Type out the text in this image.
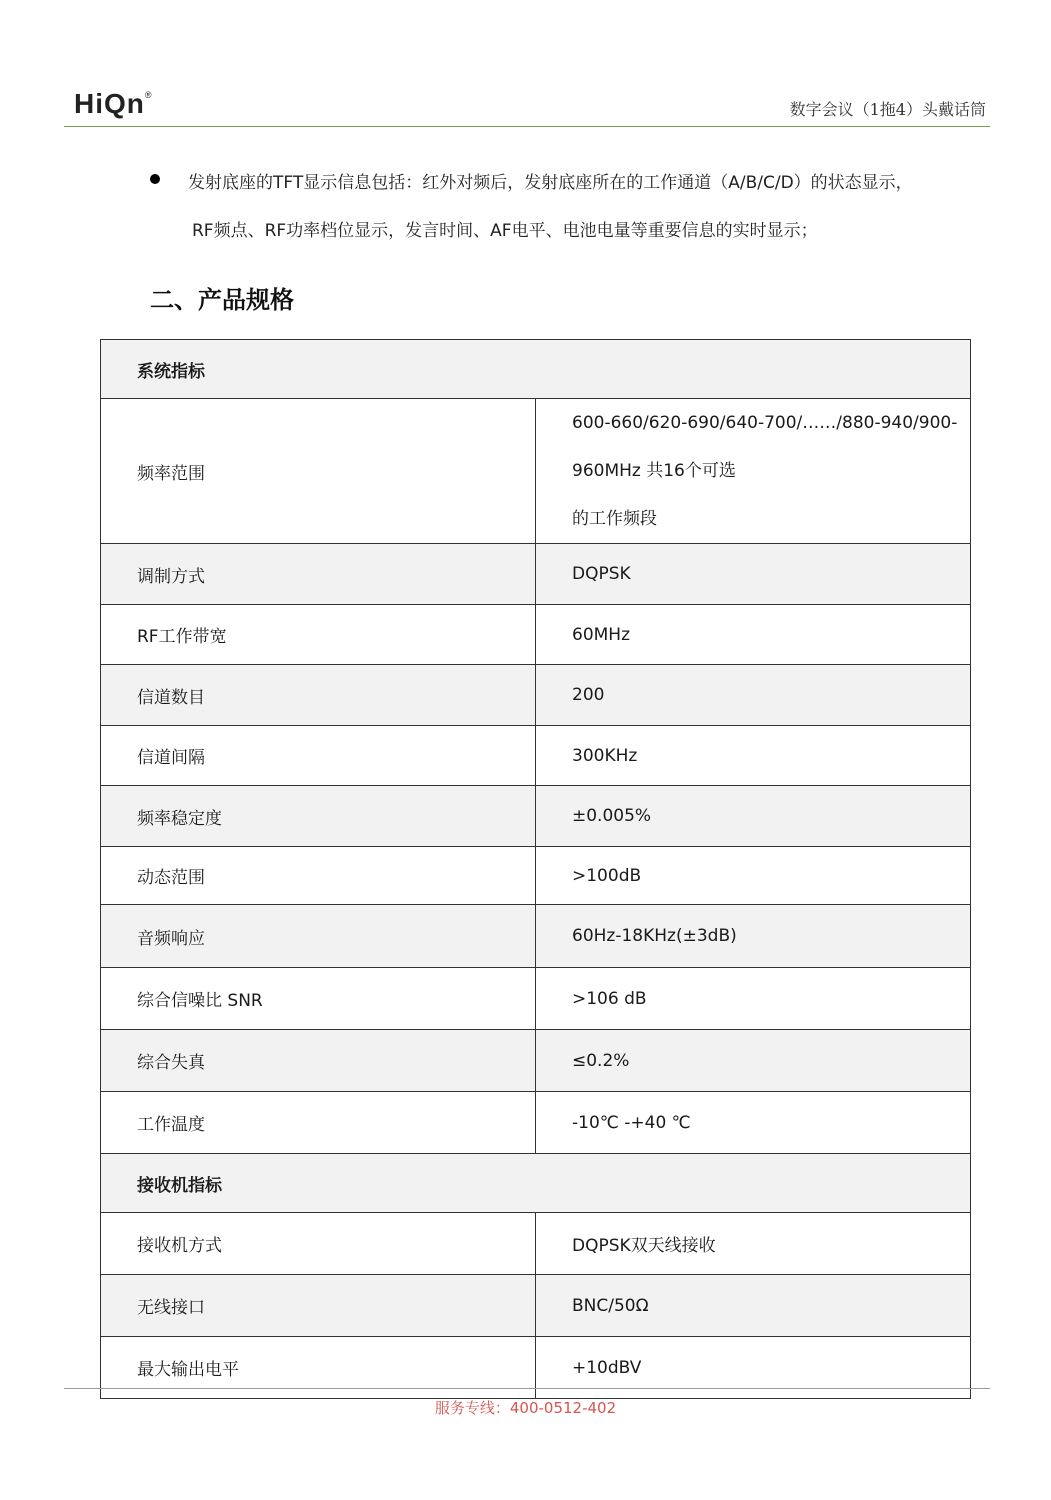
HiQn®
数字会议（1拖4）头戴话筒
发射底座的TFT显示信息包括：红外对频后，发射底座所在的工作通道（A/B/C/D）的状态显示，
RF频点、RF功率档位显示，发言时间、AF电平、电池电量等重要信息的实时显示；
二、产品规格
系统指标	
频率范围	600-660/620-690/640-700/……/880-940/900-960MHz 共16个可选
的工作频段

调制方式	DQPSK
RF工作带宽	60MHz
信道数目	200
信道间隔	300KHz
频率稳定度	±0.005%
动态范围	>100dB
音频响应	60Hz-18KHz(±3dB)
综合信噪比 SNR	>106 dB
综合失真	≤0.2%
工作温度	-10℃ -+40 ℃
接收机指标	
接收机方式	DQPSK双天线接收
无线接口	BNC/50Ω
最大输出电平	+10dBV
服务专线：400-0512-402
